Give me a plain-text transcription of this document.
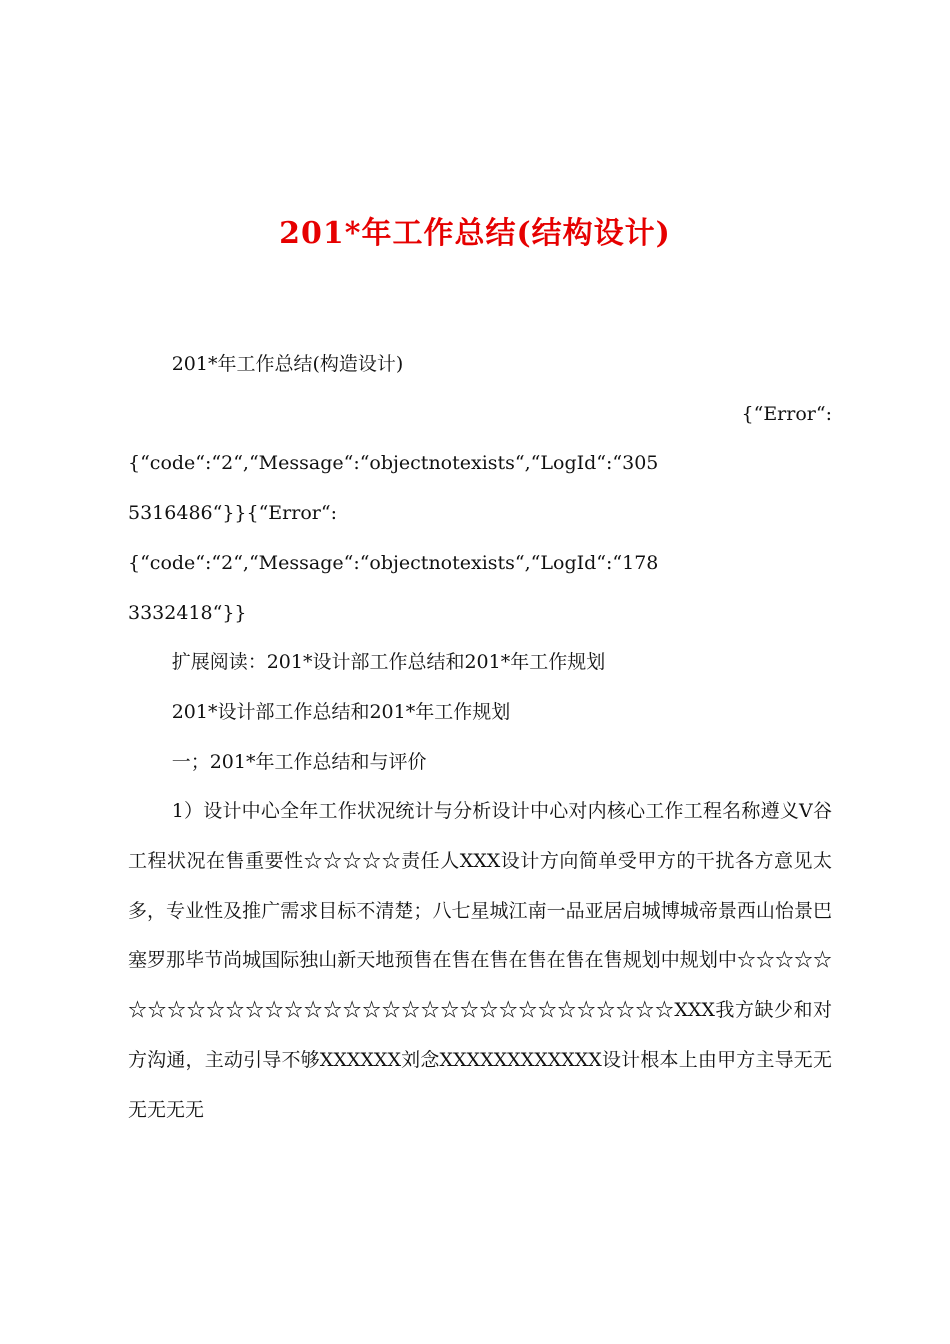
201*年工作总结(结构设计)

201*年工作总结(构造设计)

{“Error“:

{“code“:“2“,“Message“:“objectnotexists“,“LogId“:“305

5316486“}}{“Error“:

{“code“:“2“,“Message“:“objectnotexists“,“LogId“:“178

3332418“}}

扩展阅读：201*设计部工作总结和201*年工作规划

201*设计部工作总结和201*年工作规划

一；201*年工作总结和与评价

1）设计中心全年工作状况统计与分析设计中心对内核心工作工程名称遵义V谷工程状况在售重要性☆☆☆☆☆责任人XXX设计方向简单受甲方的干扰各方意见太多，专业性及推广需求目标不清楚；八七星城江南一品亚居启城博城帝景西山怡景巴塞罗那毕节尚城国际独山新天地预售在售在售在售在售在售规划中规划中☆☆☆☆☆☆☆☆☆☆☆☆☆☆☆☆☆☆☆☆☆☆☆☆☆☆☆☆☆☆☆☆☆XXX我方缺少和对方沟通，主动引导不够XXXXXX刘念XXXXXXXXXXXX设计根本上由甲方主导无无无无无无
